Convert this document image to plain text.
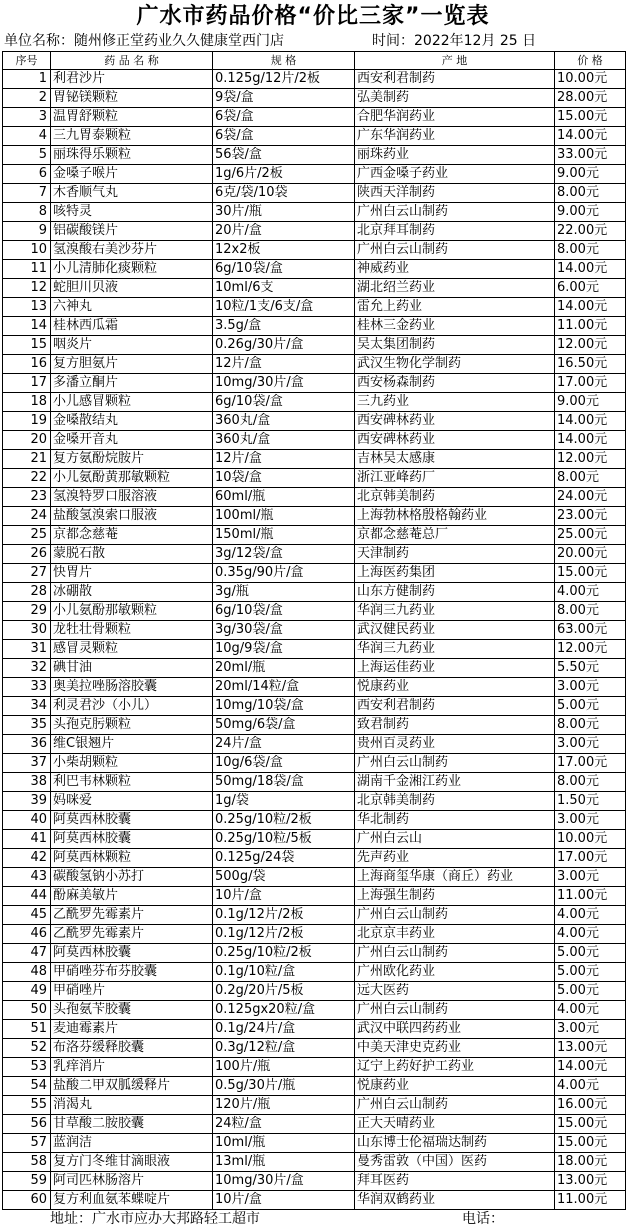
广水市药品价格“价比三家”一览表
单位名称：随州修正堂药业久久健康堂西门店	时间：2022年12月 25 日
序号	药 品 名 称	规 格	产 地	价 格
1	利君沙片	0.125g/12片/2板	西安利君制药	10.00元
2	胃铋镁颗粒	9袋/盒	弘美制药	28.00元
3	温胃舒颗粒	6袋/盒	合肥华润药业	15.00元
4	三九胃泰颗粒	6袋/盒	广东华润药业	14.00元
5	丽珠得乐颗粒	56袋/盒	丽珠药业	33.00元
6	金嗓子喉片	1g/6片/2板	广西金嗓子药业	9.00元
7	木香顺气丸	6克/袋/10袋	陕西天洋制药	8.00元
8	咳特灵	30片/瓶	广州白云山制药	9.00元
9	铝碳酸镁片	20片/盒	北京拜耳制药	22.00元
10	氢溴酸右美沙芬片	12x2板	广州白云山制药	8.00元
11	小儿清肺化痰颗粒	6g/10袋/盒	神威药业	14.00元
12	蛇胆川贝液	10ml/6支	湖北绍兰药业	6.00元
13	六神丸	10粒/1支/6支/盒	雷允上药业	14.00元
14	桂林西瓜霜	3.5g/盒	桂林三金药业	11.00元
15	咽炎片	0.26g/30片/盒	吴太集团制药	12.00元
16	复方胆氨片	12片/盒	武汉生物化学制药	16.50元
17	多潘立酮片	10mg/30片/盒	西安杨森制药	17.00元
18	小儿感冒颗粒	6g/10袋/盒	三九药业	9.00元
19	金嗓散结丸	360丸/盒	西安碑林药业	14.00元
20	金嗓开音丸	360丸/盒	西安碑林药业	14.00元
21	复方氨酚烷胺片	12片/盒	吉林吴太感康	12.00元
22	小儿氨酚黄那敏颗粒	10袋/盒	浙江亚峰药厂	8.00元
23	氢溴特罗口服溶液	60ml/瓶	北京韩美制药	24.00元
24	盐酸氢溴索口服液	100ml/瓶	上海勃林格殷格翰药业	23.00元
25	京都念慈菴	150ml/瓶	京都念慈菴总厂	25.00元
26	蒙脱石散	3g/12袋/盒	天津制药	20.00元
27	快胃片	0.35g/90片/盒	上海医药集团	15.00元
28	冰硼散	3g/瓶	山东方健制药	4.00元
29	小儿氨酚那敏颗粒	6g/10袋/盒	华润三九药业	8.00元
30	龙牡壮骨颗粒	3g/30袋/盒	武汉健民药业	63.00元
31	感冒灵颗粒	10g/9袋/盒	华润三九药业	12.00元
32	碘甘油	20ml/瓶	上海运佳药业	5.50元
33	奥美拉唑肠溶胶囊	20ml/14粒/盒	悦康药业	3.00元
34	利灵君沙（小儿）	10mg/10袋/盒	西安利君制药	5.00元
35	头孢克肟颗粒	50mg/6袋/盒	致君制药	8.00元
36	维C银翘片	24片/盒	贵州百灵药业	3.00元
37	小柴胡颗粒	10g/6袋/盒	广州白云山制药	17.00元
38	利巴韦林颗粒	50mg/18袋/盒	湖南千金湘江药业	8.00元
39	妈咪爱	1g/袋	北京韩美制药	1.50元
40	阿莫西林胶囊	0.25g/10粒/2板	华北制药	3.00元
41	阿莫西林胶囊	0.25g/10粒/5板	广州白云山	10.00元
42	阿莫西林颗粒	0.125g/24袋	先声药业	17.00元
43	碳酸氢钠小苏打	500g/袋	上海商玺华康（商丘）药业	3.00元
44	酚麻美敏片	10片/盒	上海强生制药	11.00元
45	乙酰罗先霉素片	0.1g/12片/2板	广州白云山制药	4.00元
46	乙酰罗先霉素片	0.1g/12片/2板	北京京丰药业	4.00元
47	阿莫西林胶囊	0.25g/10粒/2板	广州白云山制药	5.00元
48	甲硝唑芬布芬胶囊	0.1g/10粒/盒	广州欧化药业	5.00元
49	甲硝唑片	0.2g/20片/5板	远大医药	5.00元
50	头孢氨苄胶囊	0.125gx20粒/盒	广州白云山制药	4.00元
51	麦迪霉素片	0.1g/24片/盒	武汉中联四药药业	3.00元
52	布洛芬缓释胶囊	0.3g/12粒/盒	中美天津史克药业	13.00元
53	乳痒消片	100片/瓶	辽宁上药好护工药业	14.00元
54	盐酸二甲双胍缓释片	0.5g/30片/瓶	悦康药业	4.00元
55	消渴丸	120片/瓶	广州白云山制药	16.00元
56	甘草酸二胺胶囊	24粒/盒	正大天晴药业	15.00元
57	蓝润洁	10ml/瓶	山东博士伦福瑞达制药	15.00元
58	复方门冬维甘滴眼液	13ml/瓶	曼秀雷敦（中国）医药	18.00元
59	阿司匹林肠溶片	10mg/30片/盒	拜耳医药	13.00元
60	复方利血氨苯蝶啶片	10片/盒	华润双鹤药业	11.00元
地址：广水市应办大邦路轻工超市	电话：
